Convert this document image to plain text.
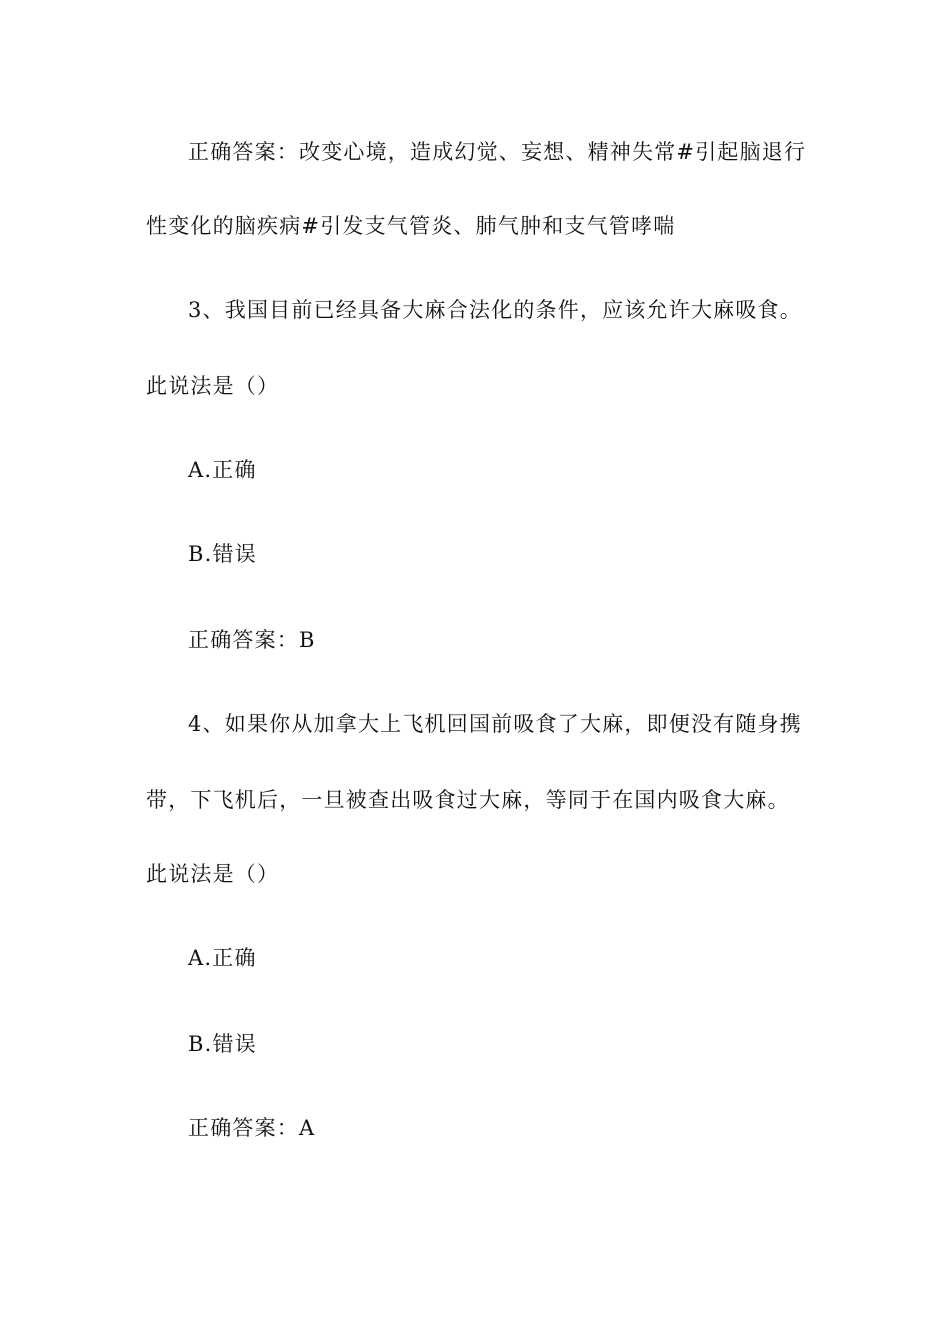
正确答案：改变心境，造成幻觉、妄想、精神失常#引起脑退行
性变化的脑疾病#引发支气管炎、肺气肿和支气管哮喘
3、我国目前已经具备大麻合法化的条件，应该允许大麻吸食。
此说法是（）
A.正确
B.错误
正确答案：B
4、如果你从加拿大上飞机回国前吸食了大麻，即便没有随身携
带，下飞机后，一旦被查出吸食过大麻，等同于在国内吸食大麻。
此说法是（）
A.正确
B.错误
正确答案：A
